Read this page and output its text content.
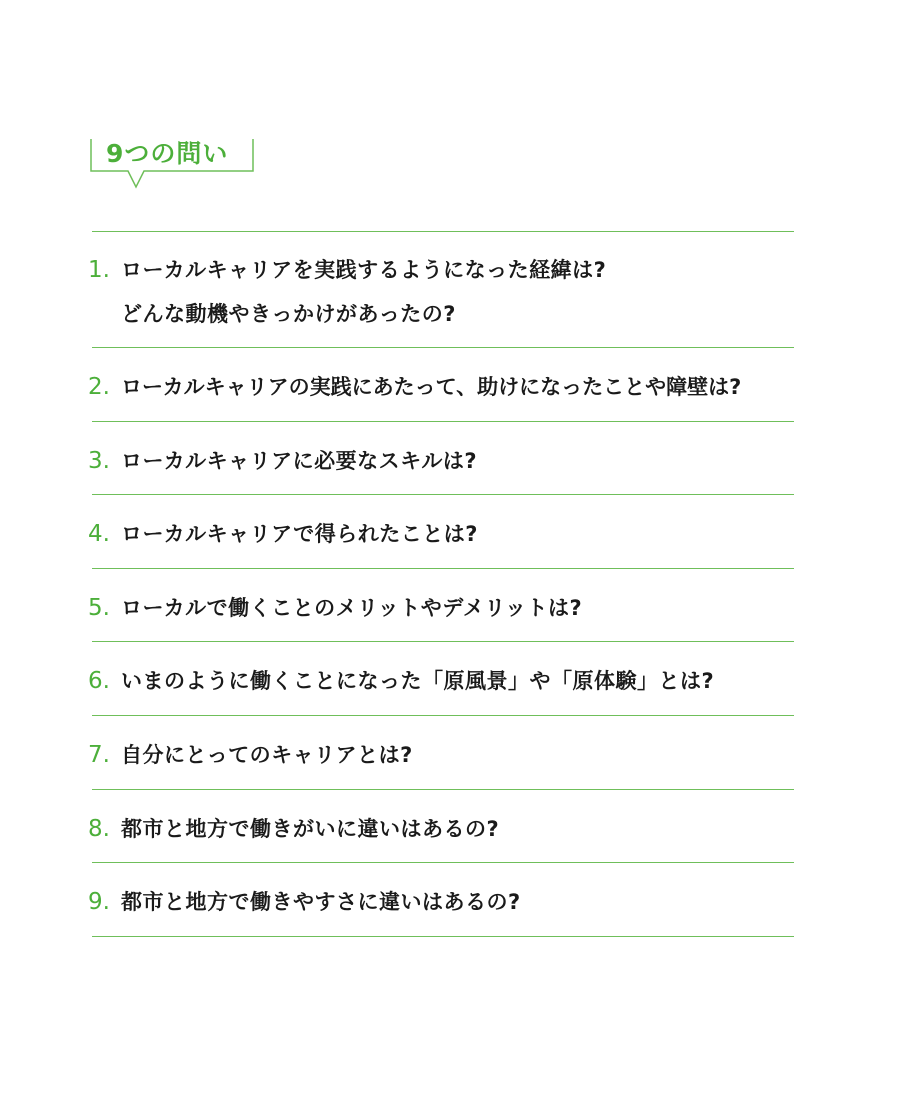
9つの問い
1. ローカルキャリアを実践するようになった経緯は?
どんな動機やきっかけがあったの?
2. ローカルキャリアの実践にあたって、助けになったことや障壁は?
3. ローカルキャリアに必要なスキルは?
4. ローカルキャリアで得られたことは?
5. ローカルで働くことのメリットやデメリットは?
6. いまのように働くことになった「原風景」や「原体験」とは?
7. 自分にとってのキャリアとは?
8. 都市と地方で働きがいに違いはあるの?
9. 都市と地方で働きやすさに違いはあるの?
